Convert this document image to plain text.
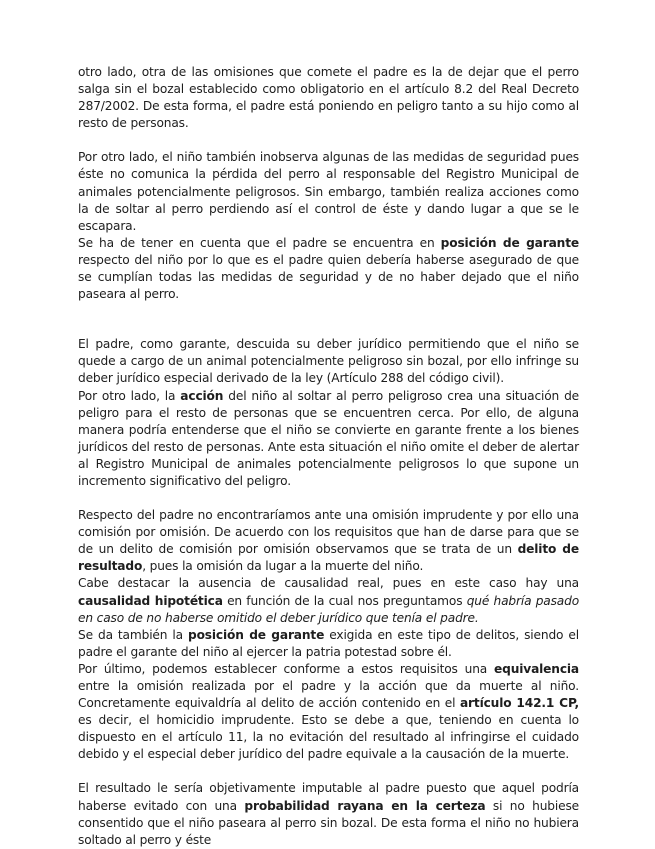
otro lado, otra de las omisiones que comete el padre es la de dejar que el perro salga sin el bozal establecido como obligatorio en el artículo 8.2 del Real Decreto 287/2002. De esta forma, el padre está poniendo en peligro tanto a su hijo como al resto de personas.

Por otro lado, el niño también inobserva algunas de las medidas de seguridad pues éste no comunica la pérdida del perro al responsable del Registro Municipal de animales potencialmente peligrosos. Sin embargo, también realiza acciones como la de soltar al perro perdiendo así el control de éste y dando lugar a que se le escapara.

Se ha de tener en cuenta que el padre se encuentra en posición de garante respecto del niño por lo que es el padre quien debería haberse asegurado de que se cumplían todas las medidas de seguridad y de no haber dejado que el niño paseara al perro.

El padre, como garante, descuida su deber jurídico permitiendo que el niño se quede a cargo de un animal potencialmente peligroso sin bozal, por ello infringe su deber jurídico especial derivado de la ley (Artículo 288 del código civil).

Por otro lado, la acción del niño al soltar al perro peligroso crea una situación de peligro para el resto de personas que se encuentren cerca. Por ello, de alguna manera podría entenderse que el niño se convierte en garante frente a los bienes jurídicos del resto de personas. Ante esta situación el niño omite el deber de alertar al Registro Municipal de animales potencialmente peligrosos lo que supone un incremento significativo del peligro.

Respecto del padre no encontraríamos ante una omisión imprudente y por ello una comisión por omisión. De acuerdo con los requisitos que han de darse para que se de un delito de comisión por omisión observamos que se trata de un delito de resultado, pues la omisión da lugar a la muerte del niño.

Cabe destacar la ausencia de causalidad real, pues en este caso hay una causalidad hipotética en función de la cual nos preguntamos qué habría pasado en caso de no haberse omitido el deber jurídico que tenía el padre.

Se da también la posición de garante exigida en este tipo de delitos, siendo el padre el garante del niño al ejercer la patria potestad sobre él.

Por último, podemos establecer conforme a estos requisitos una equivalencia entre la omisión realizada por el padre y la acción que da muerte al niño. Concretamente equivaldría al delito de acción contenido en el artículo 142.1 CP, es decir, el homicidio imprudente. Esto se debe a que, teniendo en cuenta lo dispuesto en el artículo 11, la no evitación del resultado al infringirse el cuidado debido y el especial deber jurídico del padre equivale a la causación de la muerte.

El resultado le sería objetivamente imputable al padre puesto que aquel podría haberse evitado con una probabilidad rayana en la certeza si no hubiese consentido que el niño paseara al perro sin bozal. De esta forma el niño no hubiera soltado al perro y éste
